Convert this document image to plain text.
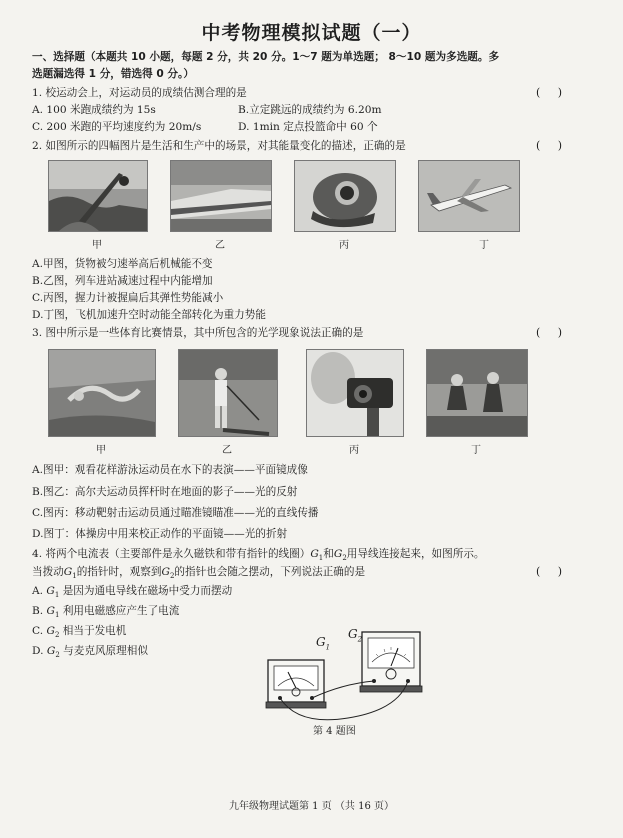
中考物理模拟试题（一）
一、选择题（本题共 10 小题，每题 2 分，共 20 分。1～7 题为单选题； 8～10 题为多选题。多
选题漏选得 1 分，错选得 0 分。）
1. 校运动会上，对运动员的成绩估测合理的是	(     )
A. 100 米跑成绩约为 15s	B.立定跳远的成绩约为 6.20m
C. 200 米跑的平均速度约为 20m/s	D. 1min 定点投篮命中 60 个
2. 如图所示的四幅图片是生活和生产中的场景，对其能量变化的描述，正确的是	(     )
甲	乙	丙	丁
A.甲图，货物被匀速举高后机械能不变
B.乙图，列车进站减速过程中内能增加
C.丙图，握力计被握扁后其弹性势能减小
D.丁图，飞机加速升空时动能全部转化为重力势能
3. 图中所示是一些体育比赛情景，其中所包含的光学现象说法正确的是	(     )
甲	乙	丙	丁
A.图甲：观看花样游泳运动员在水下的表演——平面镜成像
B.图乙：高尔夫运动员挥杆时在地面的影子——光的反射
C.图丙：移动靶射击运动员通过瞄准镜瞄准——光的直线传播
D.图丁：体操房中用来校正动作的平面镜——光的折射
4. 将两个电流表（主要部件是永久磁铁和带有指针的线圈）$G_1$和$G_2$用导线连接起来，如图所示。
当拨动$G_1$的指针时，观察到$G_2$的指针也会随之摆动，下列说法正确的是	(     )
A. $G_1$ 是因为通电导线在磁场中受力而摆动
B. $G_1$ 利用电磁感应产生了电流
C. $G_2$ 相当于发电机
D. $G_2$ 与麦克风原理相似
$G_1$
$G_2$
第 4 题图
九年级物理试题第 1 页 （共 16 页）
